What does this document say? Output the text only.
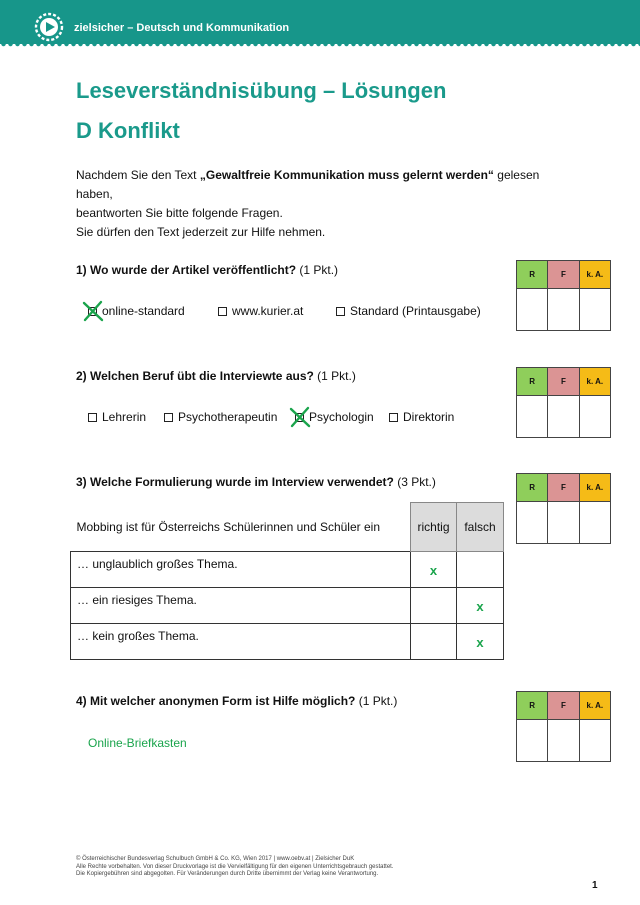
zielsicher – Deutsch und Kommunikation
Leseverständnisübung – Lösungen
D Konflikt
Nachdem Sie den Text „Gewaltfreie Kommunikation muss gelernt werden“ gelesen haben,
beantworten Sie bitte folgende Fragen.
Sie dürfen den Text jederzeit zur Hilfe nehmen.
1) Wo wurde der Artikel veröffentlicht? (1 Pkt.)
online-standard	www.kurier.at	Standard (Printausgabe)
R	F	k. A.

2) Welchen Beruf übt die Interviewte aus? (1 Pkt.)
Lehrerin	Psychotherapeutin	Psychologin Direktorin
R	F	k. A.

3) Welche Formulierung wurde im Interview verwendet? (3 Pkt.)	R	F	k. A.

Mobbing ist für Österreichs Schülerinnen und Schüler ein	richtig	falsch
… unglaublich großes Thema.	x	

… ein riesiges Thema.		x

… kein großes Thema.		x
4) Mit welcher anonymen Form ist Hilfe möglich? (1 Pkt.)	R	F	k. A.

Online-Briefkasten
© Österreichischer Bundesverlag Schulbuch GmbH & Co. KG, Wien 2017 | www.oebv.at | Zielsicher DuK
Alle Rechte vorbehalten. Von dieser Druckvorlage ist die Vervielfältigung für den eigenen Unterrichtsgebrauch gestattet.
Die Kopiergebühren sind abgegolten. Für Veränderungen durch Dritte übernimmt der Verlag keine Verantwortung.
1
